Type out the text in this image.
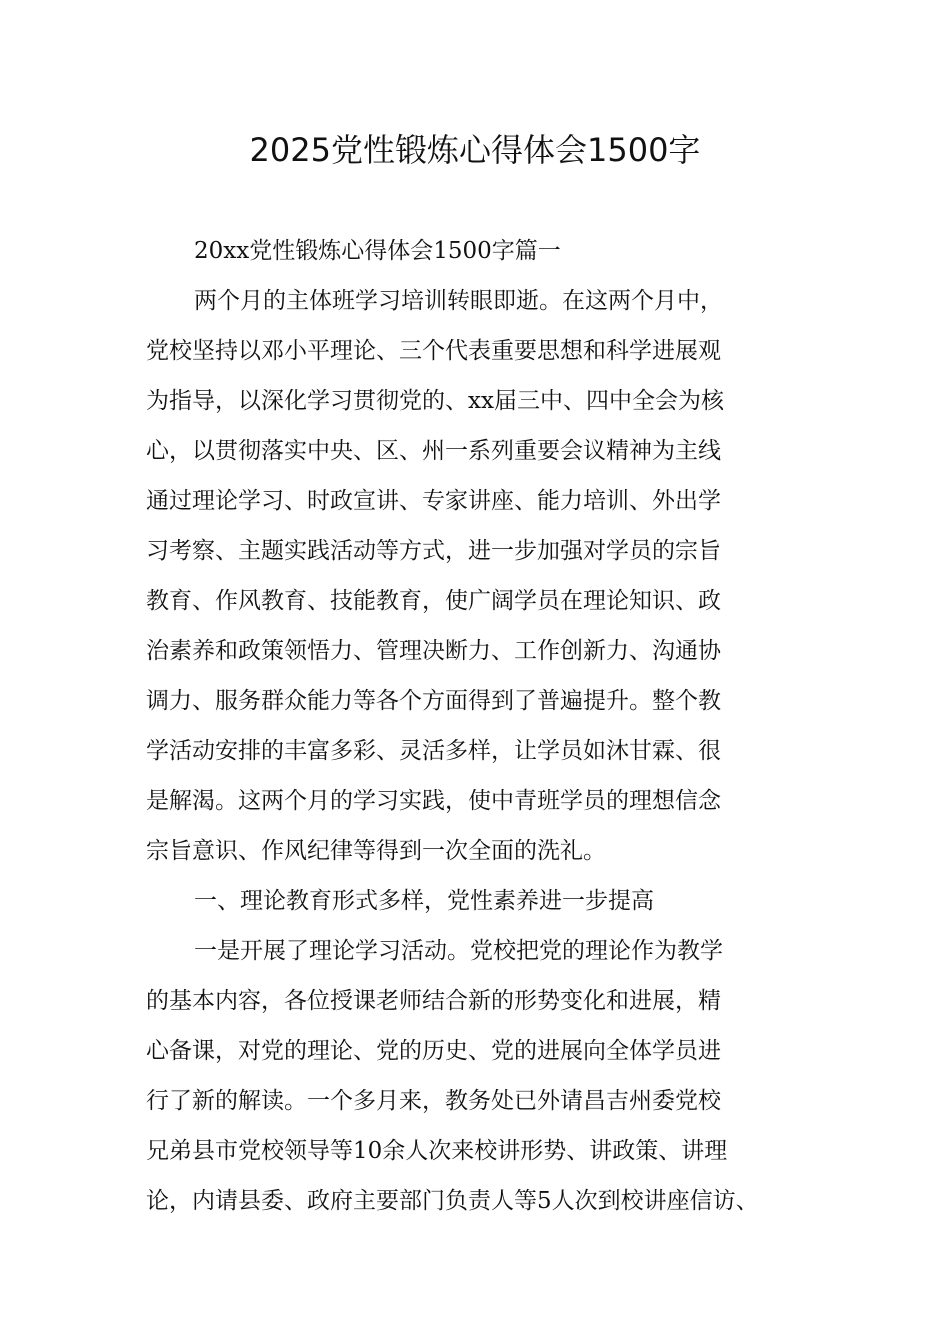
2025党性锻炼心得体会1500字
20xx党性锻炼心得体会1500字篇一
两个月的主体班学习培训转眼即逝。在这两个月中，
党校坚持以邓小平理论、三个代表重要思想和科学进展观
为指导，以深化学习贯彻党的、xx届三中、四中全会为核
心，以贯彻落实中央、区、州一系列重要会议精神为主线
通过理论学习、时政宣讲、专家讲座、能力培训、外出学
习考察、主题实践活动等方式，进一步加强对学员的宗旨
教育、作风教育、技能教育，使广阔学员在理论知识、政
治素养和政策领悟力、管理决断力、工作创新力、沟通协
调力、服务群众能力等各个方面得到了普遍提升。整个教
学活动安排的丰富多彩、灵活多样，让学员如沐甘霖、很
是解渴。这两个月的学习实践，使中青班学员的理想信念
宗旨意识、作风纪律等得到一次全面的洗礼。
一、理论教育形式多样，党性素养进一步提高
一是开展了理论学习活动。党校把党的理论作为教学
的基本内容，各位授课老师结合新的形势变化和进展，精
心备课，对党的理论、党的历史、党的进展向全体学员进
行了新的解读。一个多月来，教务处已外请昌吉州委党校
兄弟县市党校领导等10余人次来校讲形势、讲政策、讲理
论，内请县委、政府主要部门负责人等5人次到校讲座信访、
